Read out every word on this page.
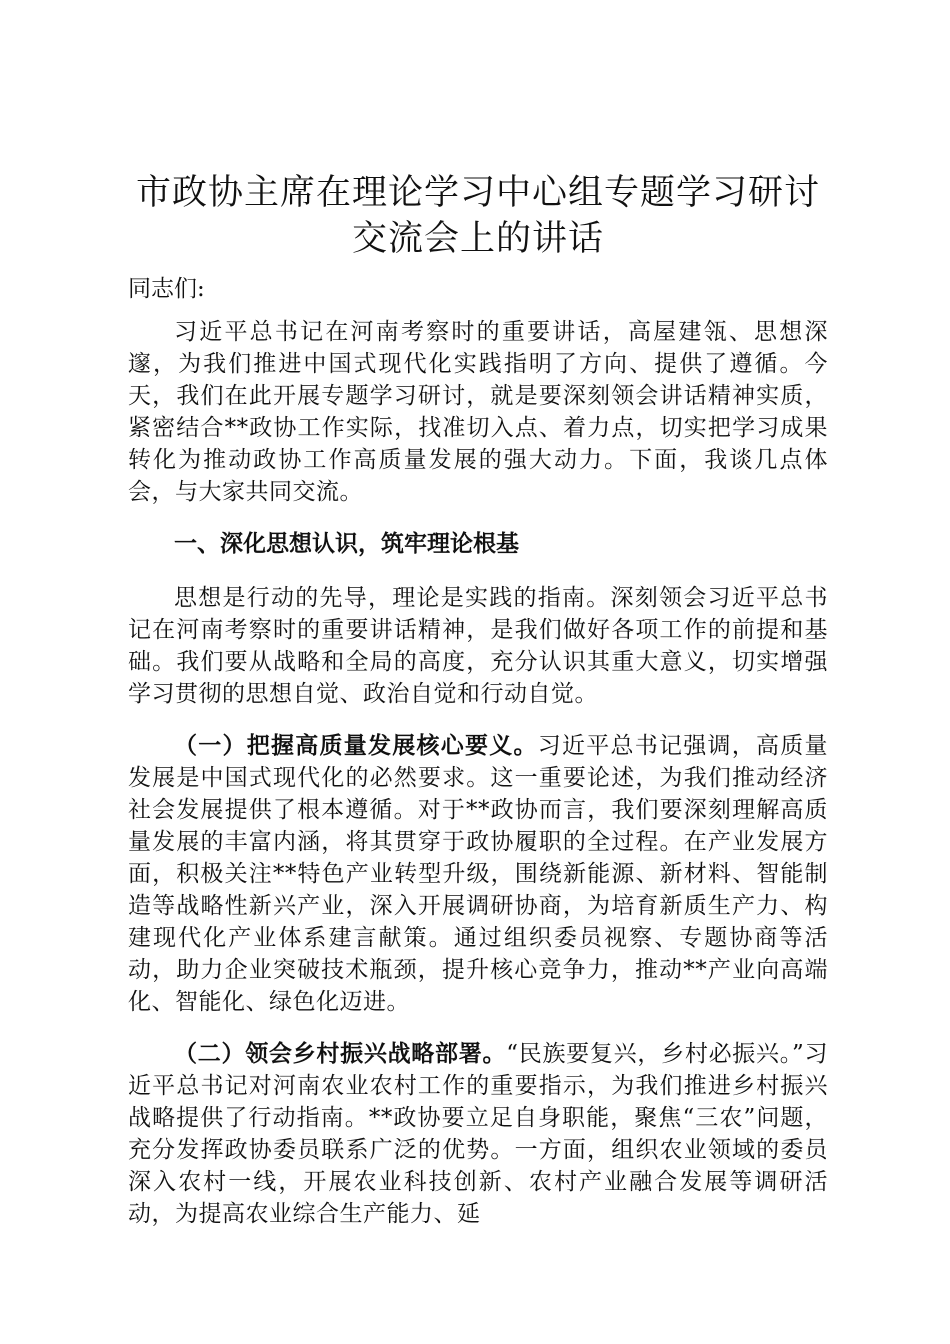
市政协主席在理论学习中心组专题学习研讨交流会上的讲话

同志们:

习近平总书记在河南考察时的重要讲话，高屋建瓴、思想深邃，为我们推进中国式现代化实践指明了方向、提供了遵循。今天，我们在此开展专题学习研讨，就是要深刻领会讲话精神实质，紧密结合**政协工作实际，找准切入点、着力点，切实把学习成果转化为推动政协工作高质量发展的强大动力。下面，我谈几点体会，与大家共同交流。

一、深化思想认识，筑牢理论根基

思想是行动的先导，理论是实践的指南。深刻领会习近平总书记在河南考察时的重要讲话精神，是我们做好各项工作的前提和基础。我们要从战略和全局的高度，充分认识其重大意义，切实增强学习贯彻的思想自觉、政治自觉和行动自觉。

（一）把握高质量发展核心要义。习近平总书记强调，高质量发展是中国式现代化的必然要求。这一重要论述，为我们推动经济社会发展提供了根本遵循。对于**政协而言，我们要深刻理解高质量发展的丰富内涵，将其贯穿于政协履职的全过程。在产业发展方面，积极关注**特色产业转型升级，围绕新能源、新材料、智能制造等战略性新兴产业，深入开展调研协商，为培育新质生产力、构建现代化产业体系建言献策。通过组织委员视察、专题协商等活动，助力企业突破技术瓶颈，提升核心竞争力，推动**产业向高端化、智能化、绿色化迈进。

（二）领会乡村振兴战略部署。“民族要复兴，乡村必振兴。”习近平总书记对河南农业农村工作的重要指示，为我们推进乡村振兴战略提供了行动指南。**政协要立足自身职能，聚焦“三农”问题，充分发挥政协委员联系广泛的优势。一方面，组织农业领域的委员深入农村一线，开展农业科技创新、农村产业融合发展等调研活动，为提高农业综合生产能力、延
